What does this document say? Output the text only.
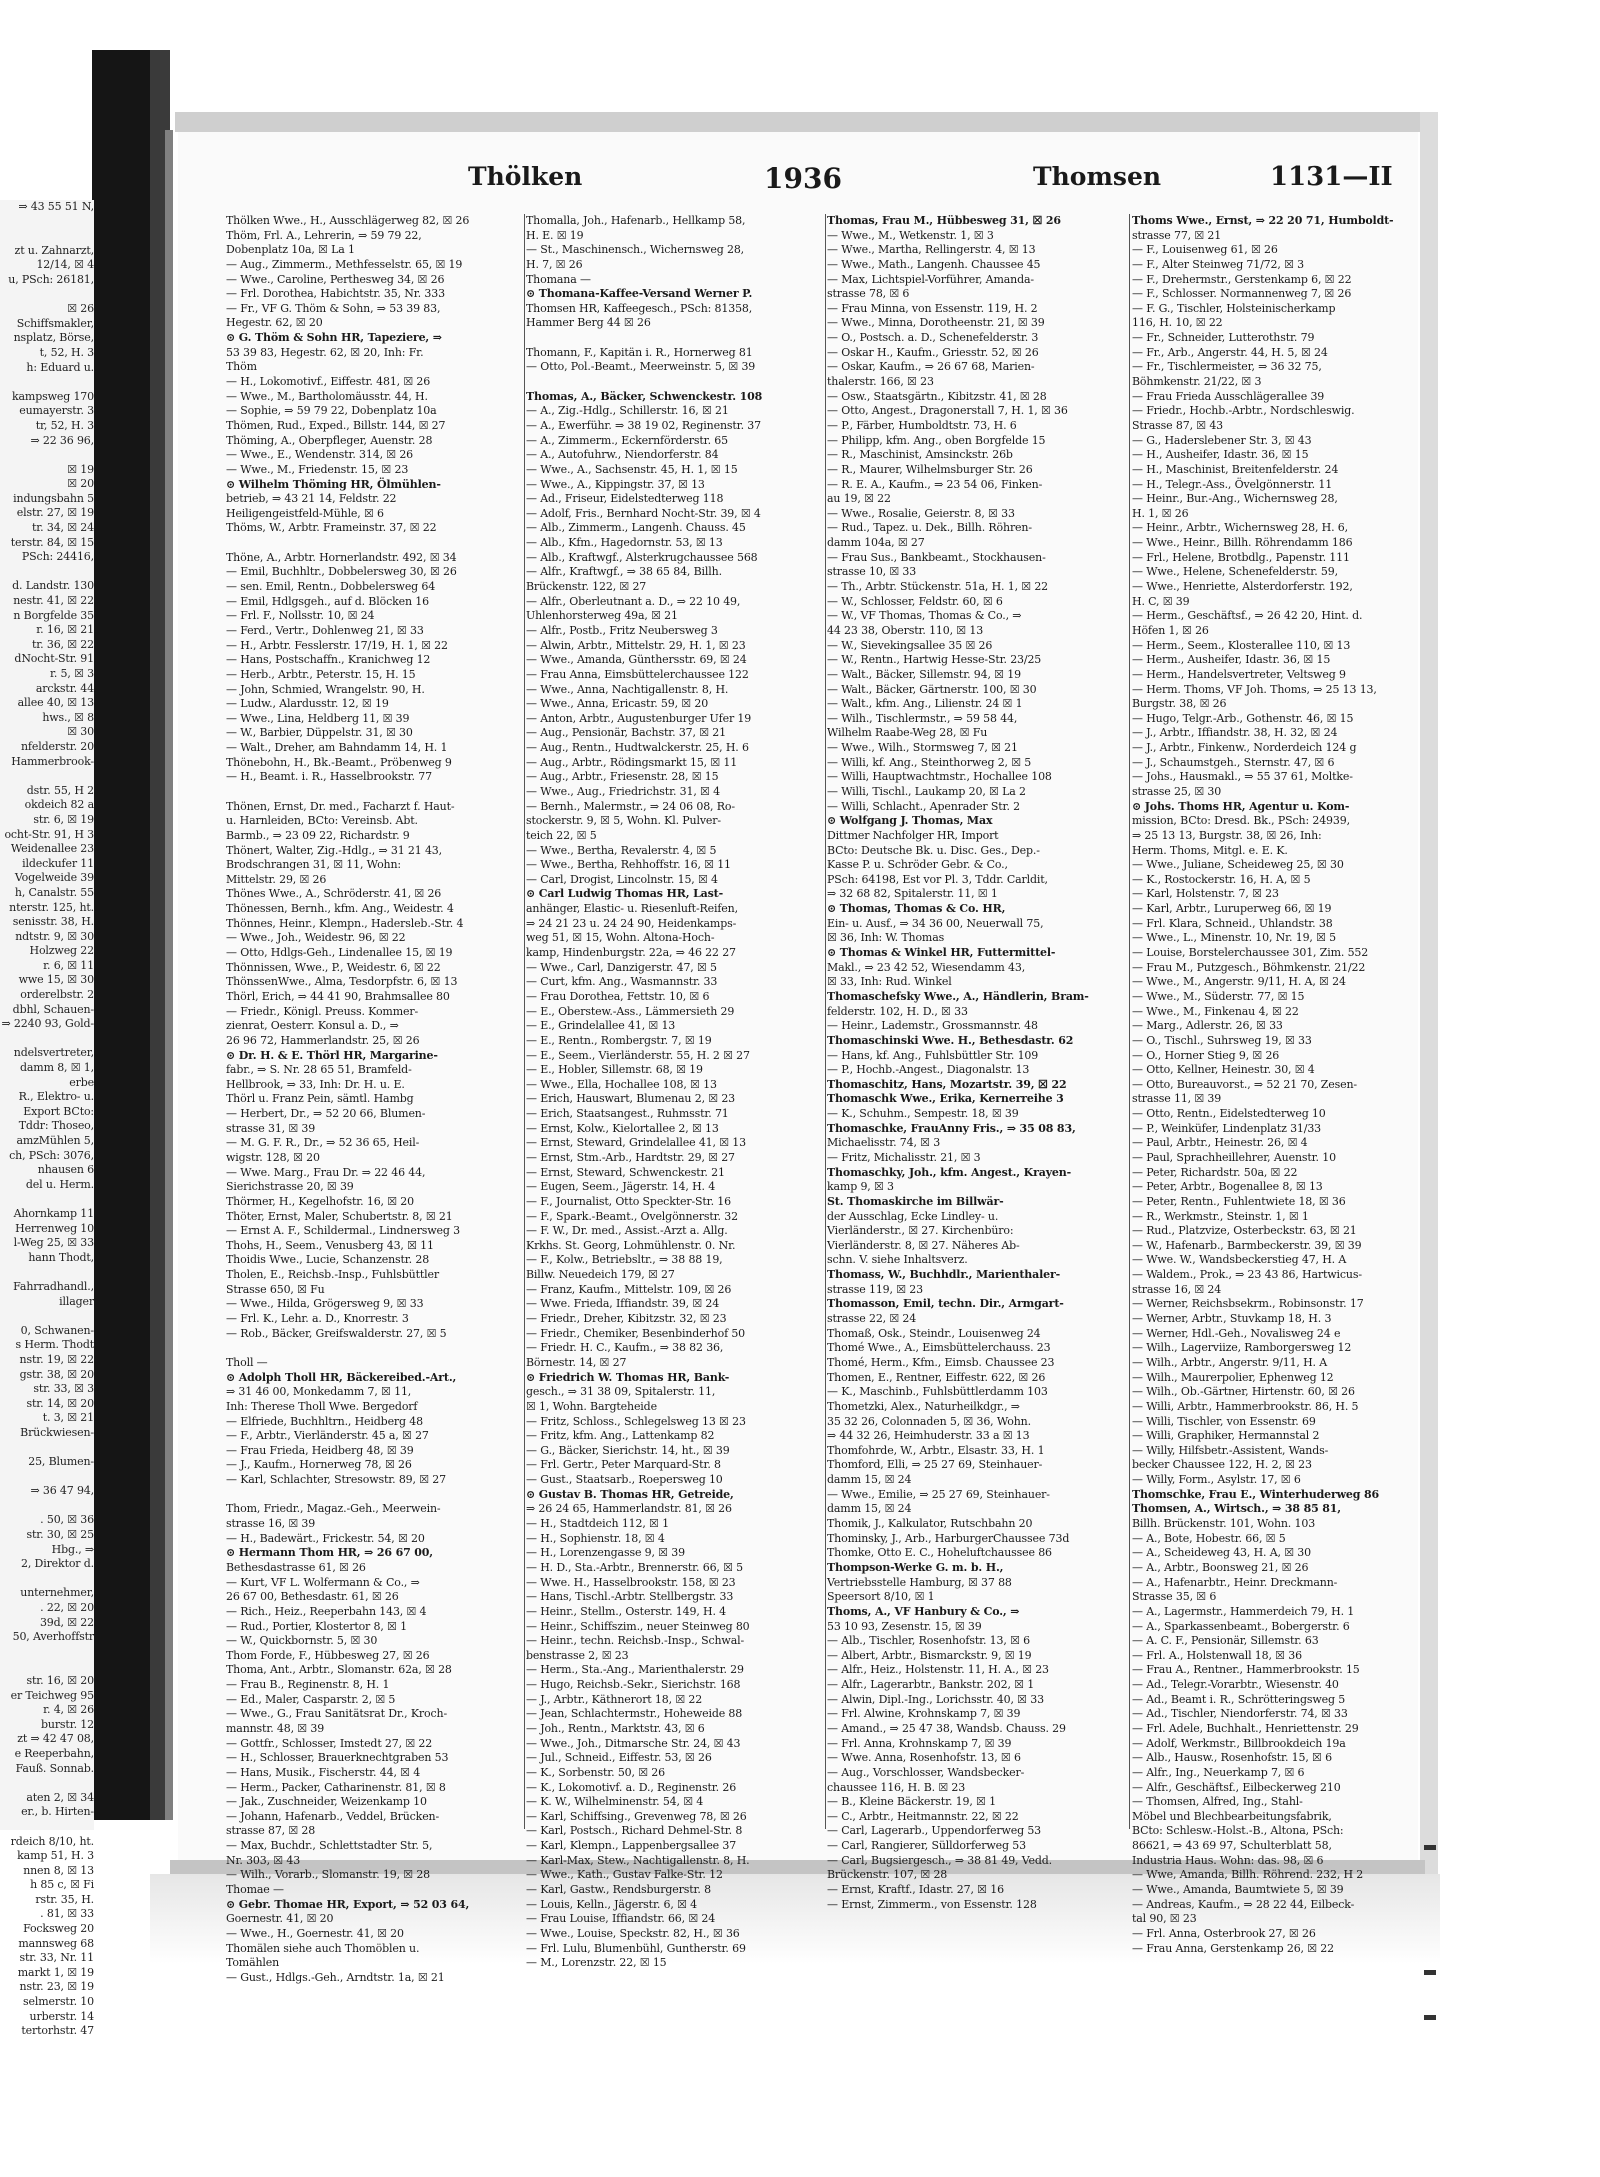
⇒ 43 55 51 N,

zt u. Zahnarzt,
12/14, ☒ 4
u, PSch: 26181,

☒ 26
Schiffsmakler,
nsplatz, Börse,
t, 52, H. 3
h: Eduard u.

kampsweg 170
eumayerstr. 3
tr, 52, H. 3
⇒ 22 36 96,

☒ 19
☒ 20
indungsbahn 5
elstr. 27, ☒ 19
tr. 34, ☒ 24
terstr. 84, ☒ 15
PSch: 24416,

d. Landstr. 130
nestr. 41, ☒ 22
n Borgfelde 35
r. 16, ☒ 21
tr. 36, ☒ 22
dNocht-Str. 91
r. 5, ☒ 3
arckstr. 44
allee 40, ☒ 13
hws., ☒ 8
☒ 30
nfelderstr. 20
Hammerbrook-

dstr. 55, H 2
okdeich 82 a
str. 6, ☒ 19
ocht-Str. 91, H 3
Weidenallee 23
ildeckufer 11
Vogelweide 39
h, Canalstr. 55
nterstr. 125, ht.
senisstr. 38, H.
ndtstr. 9, ☒ 30
Holzweg 22
r. 6, ☒ 11
wwe 15, ☒ 30
orderelbstr. 2
dbhl, Schauen-
⇒ 2240 93, Gold-

ndelsvertreter,
damm 8, ☒ 1,
erbe
R., Elektro- u.
Export BCto:
Tddr: Thoseo,
amzMühlen 5,
ch, PSch: 3076,
nhausen 6
del u. Herm.

Ahornkamp 11
Herrenweg 10
l-Weg 25, ☒ 33
hann Thodt,

Fahrradhandl.,
illager

0, Schwanen-
s Herm. Thodt
nstr. 19, ☒ 22
gstr. 38, ☒ 20
str. 33, ☒ 3
str. 14, ☒ 20
t. 3, ☒ 21
Brückwiesen-

25, Blumen-

⇒ 36 47 94,

. 50, ☒ 36
str. 30, ☒ 25
Hbg., ⇒
2, Direktor d.

unternehmer,
. 22, ☒ 20
39d, ☒ 22
50, Averhoffstr

str. 16, ☒ 20
er Teichweg 95
r. 4, ☒ 26
burstr. 12
zt ⇒ 42 47 08,
e Reeperbahn,
Fauß. Sonnab.

aten 2, ☒ 34
er., b. Hirten-

rdeich 8/10, ht.
kamp 51, H. 3
nnen 8, ☒ 13
h 85 c, ☒ Fi
rstr. 35, H.
. 81, ☒ 33
Focksweg 20
mannsweg 68
str. 33, Nr. 11
markt 1, ☒ 19
nstr. 23, ☒ 19
selmerstr. 10
urberstr. 14
tertorhstr. 47
Thölken	1936	Thomsen	1131—II
Thölken Wwe., H., Ausschlägerweg 82, ☒ 26
Thöm, Frl. A., Lehrerin, ⇒ 59 79 22,
Dobenplatz 10a, ☒ La 1
— Aug., Zimmerm., Methfesselstr. 65, ☒ 19
— Wwe., Caroline, Perthesweg 34, ☒ 26
— Frl. Dorothea, Habichtstr. 35, Nr. 333
— Fr., VF G. Thöm & Sohn, ⇒ 53 39 83,
Hegestr. 62, ☒ 20
⊙ G. Thöm & Sohn HR, Tapeziere, ⇒
53 39 83, Hegestr. 62, ☒ 20, Inh: Fr.
Thöm
— H., Lokomotivf., Eiffestr. 481, ☒ 26
— Wwe., M., Bartholomäusstr. 44, H.
— Sophie, ⇒ 59 79 22, Dobenplatz 10a
Thömen, Rud., Exped., Billstr. 144, ☒ 27
Thöming, A., Oberpfleger, Auenstr. 28
— Wwe., E., Wendenstr. 314, ☒ 26
— Wwe., M., Friedenstr. 15, ☒ 23
⊙ Wilhelm Thöming HR, Ölmühlen-
betrieb, ⇒ 43 21 14, Feldstr. 22
Heiligengeistfeld-Mühle, ☒ 6
Thöms, W., Arbtr. Frameinstr. 37, ☒ 22

Thöne, A., Arbtr. Hornerlandstr. 492, ☒ 34
— Emil, Buchhltr., Dobbelersweg 30, ☒ 26
— sen. Emil, Rentn., Dobbelersweg 64
— Emil, Hdlgsgeh., auf d. Blöcken 16
— Frl. F., Nollsstr. 10, ☒ 24
— Ferd., Vertr., Dohlenweg 21, ☒ 33
— H., Arbtr. Fesslerstr. 17/19, H. 1, ☒ 22
— Hans, Postschaffn., Kranichweg 12
— Herb., Arbtr., Peterstr. 15, H. 15
— John, Schmied, Wrangelstr. 90, H.
— Ludw., Alardusstr. 12, ☒ 19
— Wwe., Lina, Heldberg 11, ☒ 39
— W., Barbier, Düppelstr. 31, ☒ 30
— Walt., Dreher, am Bahndamm 14, H. 1
Thönebohn, H., Bk.-Beamt., Pröbenweg 9
— H., Beamt. i. R., Hasselbrookstr. 77

Thönen, Ernst, Dr. med., Facharzt f. Haut-
u. Harnleiden, BCto: Vereinsb. Abt.
Barmb., ⇒ 23 09 22, Richardstr. 9
Thönert, Walter, Zig.-Hdlg., ⇒ 31 21 43,
Brodschrangen 31, ☒ 11, Wohn:
Mittelstr. 29, ☒ 26
Thönes Wwe., A., Schröderstr. 41, ☒ 26
Thönessen, Bernh., kfm. Ang., Weidestr. 4
Thönnes, Heinr., Klempn., Hadersleb.-Str. 4
— Wwe., Joh., Weidestr. 96, ☒ 22
— Otto, Hdlgs-Geh., Lindenallee 15, ☒ 19
Thönnissen, Wwe., P., Weidestr. 6, ☒ 22
ThönssenWwe., Alma, Tesdorpfstr. 6, ☒ 13
Thörl, Erich, ⇒ 44 41 90, Brahmsallee 80
— Friedr., Königl. Preuss. Kommer-
zienrat, Oesterr. Konsul a. D., ⇒
26 96 72, Hammerlandstr. 25, ☒ 26
⊙ Dr. H. & E. Thörl HR, Margarine-
fabr., ⇒ S. Nr. 28 65 51, Bramfeld-
Hellbrook, ⇒ 33, Inh: Dr. H. u. E.
Thörl u. Franz Pein, sämtl. Hambg
— Herbert, Dr., ⇒ 52 20 66, Blumen-
strasse 31, ☒ 39
— M. G. F. R., Dr., ⇒ 52 36 65, Heil-
wigstr. 128, ☒ 20
— Wwe. Marg., Frau Dr. ⇒ 22 46 44,
Sierichstrasse 20, ☒ 39
Thörmer, H., Kegelhofstr. 16, ☒ 20
Thöter, Ernst, Maler, Schubertstr. 8, ☒ 21
— Ernst A. F., Schildermal., Lindnersweg 3
Thohs, H., Seem., Venusberg 43, ☒ 11
Thoidis Wwe., Lucie, Schanzenstr. 28
Tholen, E., Reichsb.-Insp., Fuhlsbüttler
Strasse 650, ☒ Fu
— Wwe., Hilda, Grögersweg 9, ☒ 33
— Frl. K., Lehr. a. D., Knorrestr. 3
— Rob., Bäcker, Greifswalderstr. 27, ☒ 5

Tholl —
⊙ Adolph Tholl HR, Bäckereibed.-Art.,
⇒ 31 46 00, Monkedamm 7, ☒ 11,
Inh: Therese Tholl Wwe. Bergedorf
— Elfriede, Buchhltrn., Heidberg 48
— F., Arbtr., Vierländerstr. 45 a, ☒ 27
— Frau Frieda, Heidberg 48, ☒ 39
— J., Kaufm., Hornerweg 78, ☒ 26
— Karl, Schlachter, Stresowstr. 89, ☒ 27

Thom, Friedr., Magaz.-Geh., Meerwein-
strasse 16, ☒ 39
— H., Badewärt., Frickestr. 54, ☒ 20
⊙ Hermann Thom HR, ⇒ 26 67 00,
Bethesdastrasse 61, ☒ 26
— Kurt, VF L. Wolfermann & Co., ⇒
26 67 00, Bethesdastr. 61, ☒ 26
— Rich., Heiz., Reeperbahn 143, ☒ 4
— Rud., Portier, Klostertor 8, ☒ 1
— W., Quickbornstr. 5, ☒ 30
Thom Forde, F., Hübbesweg 27, ☒ 26
Thoma, Ant., Arbtr., Slomanstr. 62a, ☒ 28
— Frau B., Reginenstr. 8, H. 1
— Ed., Maler, Casparstr. 2, ☒ 5
— Wwe., G., Frau Sanitätsrat Dr., Kroch-
mannstr. 48, ☒ 39
— Gottfr., Schlosser, Imstedt 27, ☒ 22
— H., Schlosser, Brauerknechtgraben 53
— Hans, Musik., Fischerstr. 44, ☒ 4
— Herm., Packer, Catharinenstr. 81, ☒ 8
— Jak., Zuschneider, Weizenkamp 10
— Johann, Hafenarb., Veddel, Brücken-
strasse 87, ☒ 28
— Max, Buchdr., Schlettstadter Str. 5,
Nr. 303, ☒ 43
— Wilh., Vorarb., Slomanstr. 19, ☒ 28
Thomae —
⊙ Gebr. Thomae HR, Export, ⇒ 52 03 64,
Goernestr. 41, ☒ 20
— Wwe., H., Goernestr. 41, ☒ 20
Thomälen siehe auch Thomöblen u.
Tomählen
— Gust., Hdlgs.-Geh., Arndtstr. 1a, ☒ 21
Thomalla, Joh., Hafenarb., Hellkamp 58,
H. E. ☒ 19
— St., Maschinensch., Wichernsweg 28,
H. 7, ☒ 26
Thomana —
⊙ Thomana-Kaffee-Versand Werner P.
Thomsen HR, Kaffeegesch., PSch: 81358,
Hammer Berg 44 ☒ 26

Thomann, F., Kapitän i. R., Hornerweg 81
— Otto, Pol.-Beamt., Meerweinstr. 5, ☒ 39

Thomas, A., Bäcker, Schwenckestr. 108
— A., Zig.-Hdlg., Schillerstr. 16, ☒ 21
— A., Ewerführ. ⇒ 38 19 02, Reginenstr. 37
— A., Zimmerm., Eckernförderstr. 65
— A., Autofuhrw., Niendorferstr. 84
— Wwe., A., Sachsenstr. 45, H. 1, ☒ 15
— Wwe., A., Kippingstr. 37, ☒ 13
— Ad., Friseur, Eidelstedterweg 118
— Adolf, Fris., Bernhard Nocht-Str. 39, ☒ 4
— Alb., Zimmerm., Langenh. Chauss. 45
— Alb., Kfm., Hagedornstr. 53, ☒ 13
— Alb., Kraftwgf., Alsterkrugchaussee 568
— Alfr., Kraftwgf., ⇒ 38 65 84, Billh.
Brückenstr. 122, ☒ 27
— Alfr., Oberleutnant a. D., ⇒ 22 10 49,
Uhlenhorsterweg 49a, ☒ 21
— Alfr., Postb., Fritz Neubersweg 3
— Alwin, Arbtr., Mittelstr. 29, H. 1, ☒ 23
— Wwe., Amanda, Günthersstr. 69, ☒ 24
— Frau Anna, Eimsbüttelerchaussee 122
— Wwe., Anna, Nachtigallenstr. 8, H.
— Wwe., Anna, Ericastr. 59, ☒ 20
— Anton, Arbtr., Augustenburger Ufer 19
— Aug., Pensionär, Bachstr. 37, ☒ 21
— Aug., Rentn., Hudtwalckerstr. 25, H. 6
— Aug., Arbtr., Rödingsmarkt 15, ☒ 11
— Aug., Arbtr., Friesenstr. 28, ☒ 15
— Wwe., Aug., Friedrichstr. 31, ☒ 4
— Bernh., Malermstr., ⇒ 24 06 08, Ro-
stockerstr. 9, ☒ 5, Wohn. Kl. Pulver-
teich 22, ☒ 5
— Wwe., Bertha, Revalerstr. 4, ☒ 5
— Wwe., Bertha, Rehhoffstr. 16, ☒ 11
— Carl, Drogist, Lincolnstr. 15, ☒ 4
⊙ Carl Ludwig Thomas HR, Last-
anhänger, Elastic- u. Riesenluft-Reifen,
⇒ 24 21 23 u. 24 24 90, Heidenkamps-
weg 51, ☒ 15, Wohn. Altona-Hoch-
kamp, Hindenburgstr. 22a, ⇒ 46 22 27
— Wwe., Carl, Danzigerstr. 47, ☒ 5
— Curt, kfm. Ang., Wasmannstr. 33
— Frau Dorothea, Fettstr. 10, ☒ 6
— E., Oberstew.-Ass., Lämmersieth 29
— E., Grindelallee 41, ☒ 13
— E., Rentn., Rombergstr. 7, ☒ 19
— E., Seem., Vierländerstr. 55, H. 2 ☒ 27
— E., Hobler, Sillemstr. 68, ☒ 19
— Wwe., Ella, Hochallee 108, ☒ 13
— Erich, Hauswart, Blumenau 2, ☒ 23
— Erich, Staatsangest., Ruhmsstr. 71
— Ernst, Kolw., Kielortallee 2, ☒ 13
— Ernst, Steward, Grindelallee 41, ☒ 13
— Ernst, Stm.-Arb., Hardtstr. 29, ☒ 27
— Ernst, Steward, Schwenckestr. 21
— Eugen, Seem., Jägerstr. 14, H. 4
— F., Journalist, Otto Speckter-Str. 16
— F., Spark.-Beamt., Ovelgönnerstr. 32
— F. W., Dr. med., Assist.-Arzt a. Allg.
Krkhs. St. Georg, Lohmühlenstr. 0. Nr.
— F., Kolw., Betriebsltr., ⇒ 38 88 19,
Billw. Neuedeich 179, ☒ 27
— Franz, Kaufm., Mittelstr. 109, ☒ 26
— Wwe. Frieda, Iffiandstr. 39, ☒ 24
— Friedr., Dreher, Kibitzstr. 32, ☒ 23
— Friedr., Chemiker, Besenbinderhof 50
— Friedr. H. C., Kaufm., ⇒ 38 82 36,
Börnestr. 14, ☒ 27
⊙ Friedrich W. Thomas HR, Bank-
gesch., ⇒ 31 38 09, Spitalerstr. 11,
☒ 1, Wohn. Bargteheide
— Fritz, Schloss., Schlegelsweg 13 ☒ 23
— Fritz, kfm. Ang., Lattenkamp 82
— G., Bäcker, Sierichstr. 14, ht., ☒ 39
— Frl. Gertr., Peter Marquard-Str. 8
— Gust., Staatsarb., Roepersweg 10
⊙ Gustav B. Thomas HR, Getreide,
⇒ 26 24 65, Hammerlandstr. 81, ☒ 26
— H., Stadtdeich 112, ☒ 1
— H., Sophienstr. 18, ☒ 4
— H., Lorenzengasse 9, ☒ 39
— H. D., Sta.-Arbtr., Brennerstr. 66, ☒ 5
— Wwe. H., Hasselbrookstr. 158, ☒ 23
— Hans, Tischl.-Arbtr. Stellbergstr. 33
— Heinr., Stellm., Osterstr. 149, H. 4
— Heinr., Schiffszim., neuer Steinweg 80
— Heinr., techn. Reichsb.-Insp., Schwal-
benstrasse 2, ☒ 23
— Herm., Sta.-Ang., Marienthalerstr. 29
— Hugo, Reichsb.-Sekr., Sierichstr. 168
— J., Arbtr., Käthnerort 18, ☒ 22
— Jean, Schlachtermstr., Hoheweide 88
— Joh., Rentn., Marktstr. 43, ☒ 6
— Wwe., Joh., Ditmarsche Str. 24, ☒ 43
— Jul., Schneid., Eiffestr. 53, ☒ 26
— K., Sorbenstr. 50, ☒ 26
— K., Lokomotivf. a. D., Reginenstr. 26
— K. W., Wilhelminenstr. 54, ☒ 4
— Karl, Schiffsing., Grevenweg 78, ☒ 26
— Karl, Postsch., Richard Dehmel-Str. 8
— Karl, Klempn., Lappenbergsallee 37
— Karl-Max, Stew., Nachtigallenstr. 8, H.
— Wwe., Kath., Gustav Falke-Str. 12
— Karl, Gastw., Rendsburgerstr. 8
— Louis, Kelln., Jägerstr. 6, ☒ 4
— Frau Louise, Iffiandstr. 66, ☒ 24
— Wwe., Louise, Speckstr. 82, H., ☒ 36
— Frl. Lulu, Blumenbühl, Guntherstr. 69
— M., Lorenzstr. 22, ☒ 15
Thomas, Frau M., Hübbesweg 31, ☒ 26
— Wwe., M., Wetkenstr. 1, ☒ 3
— Wwe., Martha, Rellingerstr. 4, ☒ 13
— Wwe., Math., Langenh. Chaussee 45
— Max, Lichtspiel-Vorführer, Amanda-
strasse 78, ☒ 6
— Frau Minna, von Essenstr. 119, H. 2
— Wwe., Minna, Dorotheenstr. 21, ☒ 39
— O., Postsch. a. D., Schenefelderstr. 3
— Oskar H., Kaufm., Griesstr. 52, ☒ 26
— Oskar, Kaufm., ⇒ 26 67 68, Marien-
thalerstr. 166, ☒ 23
— Osw., Staatsgärtn., Kibitzstr. 41, ☒ 28
— Otto, Angest., Dragonerstall 7, H. 1, ☒ 36
— P., Färber, Humboldtstr. 73, H. 6
— Philipp, kfm. Ang., oben Borgfelde 15
— R., Maschinist, Amsinckstr. 26b
— R., Maurer, Wilhelmsburger Str. 26
— R. E. A., Kaufm., ⇒ 23 54 06, Finken-
au 19, ☒ 22
— Wwe., Rosalie, Geierstr. 8, ☒ 33
— Rud., Tapez. u. Dek., Billh. Röhren-
damm 104a, ☒ 27
— Frau Sus., Bankbeamt., Stockhausen-
strasse 10, ☒ 33
— Th., Arbtr. Stückenstr. 51a, H. 1, ☒ 22
— W., Schlosser, Feldstr. 60, ☒ 6
— W., VF Thomas, Thomas & Co., ⇒
44 23 38, Oberstr. 110, ☒ 13
— W., Sievekingsallee 35 ☒ 26
— W., Rentn., Hartwig Hesse-Str. 23/25
— Walt., Bäcker, Sillemstr. 94, ☒ 19
— Walt., Bäcker, Gärtnerstr. 100, ☒ 30
— Walt., kfm. Ang., Lilienstr. 24 ☒ 1
— Wilh., Tischlermstr., ⇒ 59 58 44,
Wilhelm Raabe-Weg 28, ☒ Fu
— Wwe., Wilh., Stormsweg 7, ☒ 21
— Willi, kf. Ang., Steinthorweg 2, ☒ 5
— Willi, Hauptwachtmstr., Hochallee 108
— Willi, Tischl., Laukamp 20, ☒ La 2
— Willi, Schlacht., Apenrader Str. 2
⊙ Wolfgang J. Thomas, Max
Dittmer Nachfolger HR, Import
BCto: Deutsche Bk. u. Disc. Ges., Dep.-
Kasse P. u. Schröder Gebr. & Co.,
PSch: 64198, Est vor Pl. 3, Tddr. Carldit,
⇒ 32 68 82, Spitalerstr. 11, ☒ 1
⊙ Thomas, Thomas & Co. HR,
Ein- u. Ausf., ⇒ 34 36 00, Neuerwall 75,
☒ 36, Inh: W. Thomas
⊙ Thomas & Winkel HR, Futtermittel-
Makl., ⇒ 23 42 52, Wiesendamm 43,
☒ 33, Inh: Rud. Winkel
Thomaschefsky Wwe., A., Händlerin, Bram-
felderstr. 102, H. D., ☒ 33
— Heinr., Lademstr., Grossmannstr. 48
Thomaschinski Wwe. H., Bethesdastr. 62
— Hans, kf. Ang., Fuhlsbüttler Str. 109
— P., Hochb.-Angest., Diagonalstr. 13
Thomaschitz, Hans, Mozartstr. 39, ☒ 22
Thomaschk Wwe., Erika, Kernerreihe 3
— K., Schuhm., Sempestr. 18, ☒ 39
Thomaschke, FrauAnny Fris., ⇒ 35 08 83,
Michaelisstr. 74, ☒ 3
— Fritz, Michalisstr. 21, ☒ 3
Thomaschky, Joh., kfm. Angest., Krayen-
kamp 9, ☒ 3
St. Thomaskirche im Billwär-
der Ausschlag, Ecke Lindley- u.
Vierländerstr., ☒ 27. Kirchenbüro:
Vierländerstr. 8, ☒ 27. Näheres Ab-
schn. V. siehe Inhaltsverz.
Thomass, W., Buchhdlr., Marienthaler-
strasse 119, ☒ 23
Thomasson, Emil, techn. Dir., Armgart-
strasse 22, ☒ 24
Thomaß, Osk., Steindr., Louisenweg 24
Thomé Wwe., A., Eimsbüttelerchauss. 23
Thomé, Herm., Kfm., Eimsb. Chaussee 23
Thomen, E., Rentner, Eiffestr. 622, ☒ 26
— K., Maschinb., Fuhlsbüttlerdamm 103
Thometzki, Alex., Naturheilkdgr., ⇒
35 32 26, Colonnaden 5, ☒ 36, Wohn.
⇒ 44 32 26, Heimhuderstr. 33 a ☒ 13
Thomfohrde, W., Arbtr., Elsastr. 33, H. 1
Thomford, Elli, ⇒ 25 27 69, Steinhauer-
damm 15, ☒ 24
— Wwe., Emilie, ⇒ 25 27 69, Steinhauer-
damm 15, ☒ 24
Thomik, J., Kalkulator, Rutschbahn 20
Thominsky, J., Arb., HarburgerChaussee 73d
Thomke, Otto E. C., Hoheluftchaussee 86
Thompson-Werke G. m. b. H.,
Vertriebsstelle Hamburg, ☒ 37 88
Speersort 8/10, ☒ 1
Thoms, A., VF Hanbury & Co., ⇒
53 10 93, Zesenstr. 15, ☒ 39
— Alb., Tischler, Rosenhofstr. 13, ☒ 6
— Albert, Arbtr., Bismarckstr. 9, ☒ 19
— Alfr., Heiz., Holstenstr. 11, H. A., ☒ 23
— Alfr., Lagerarbtr., Bankstr. 202, ☒ 1
— Alwin, Dipl.-Ing., Lorichsstr. 40, ☒ 33
— Frl. Alwine, Krohnskamp 7, ☒ 39
— Amand., ⇒ 25 47 38, Wandsb. Chauss. 29
— Frl. Anna, Krohnskamp 7, ☒ 39
— Wwe. Anna, Rosenhofstr. 13, ☒ 6
— Aug., Vorschlosser, Wandsbecker-
chaussee 116, H. B. ☒ 23
— B., Kleine Bäckerstr. 19, ☒ 1
— C., Arbtr., Heitmannstr. 22, ☒ 22
— Carl, Lagerarb., Uppendorferweg 53
— Carl, Rangierer, Sülldorferweg 53
— Carl, Bugsiergesch., ⇒ 38 81 49, Vedd.
Brückenstr. 107, ☒ 28
— Ernst, Kraftf., Idastr. 27, ☒ 16
— Ernst, Zimmerm., von Essenstr. 128
Thoms Wwe., Ernst, ⇒ 22 20 71, Humboldt-
strasse 77, ☒ 21
— F., Louisenweg 61, ☒ 26
— F., Alter Steinweg 71/72, ☒ 3
— F., Drehermstr., Gerstenkamp 6, ☒ 22
— F., Schlosser. Normannenweg 7, ☒ 26
— F. G., Tischler, Holsteinischerkamp
116, H. 10, ☒ 22
— Fr., Schneider, Lutterothstr. 79
— Fr., Arb., Angerstr. 44, H. 5, ☒ 24
— Fr., Tischlermeister, ⇒ 36 32 75,
Böhmkenstr. 21/22, ☒ 3
— Frau Frieda Ausschlägerallee 39
— Friedr., Hochb.-Arbtr., Nordschleswig.
Strasse 87, ☒ 43
— G., Haderslebener Str. 3, ☒ 43
— H., Ausheifer, Idastr. 36, ☒ 15
— H., Maschinist, Breitenfelderstr. 24
— H., Telegr.-Ass., Övelgönnerstr. 11
— Heinr., Bur.-Ang., Wichernsweg 28,
H. 1, ☒ 26
— Heinr., Arbtr., Wichernsweg 28, H. 6,
— Wwe., Heinr., Billh. Röhrendamm 186
— Frl., Helene, Brotbdlg., Papenstr. 111
— Wwe., Helene, Schenefelderstr. 59,
— Wwe., Henriette, Alsterdorferstr. 192,
H. C, ☒ 39
— Herm., Geschäftsf., ⇒ 26 42 20, Hint. d.
Höfen 1, ☒ 26
— Herm., Seem., Klosterallee 110, ☒ 13
— Herm., Ausheifer, Idastr. 36, ☒ 15
— Herm., Handelsvertreter, Veltsweg 9
— Herm. Thoms, VF Joh. Thoms, ⇒ 25 13 13,
Burgstr. 38, ☒ 26
— Hugo, Telgr.-Arb., Gothenstr. 46, ☒ 15
— J., Arbtr., Iffiandstr. 38, H. 32, ☒ 24
— J., Arbtr., Finkenw., Norderdeich 124 g
— J., Schaumstgeh., Sternstr. 47, ☒ 6
— Johs., Hausmakl., ⇒ 55 37 61, Moltke-
strasse 25, ☒ 30
⊙ Johs. Thoms HR, Agentur u. Kom-
mission, BCto: Dresd. Bk., PSch: 24939,
⇒ 25 13 13, Burgstr. 38, ☒ 26, Inh:
Herm. Thoms, Mitgl. e. E. K.
— Wwe., Juliane, Scheideweg 25, ☒ 30
— K., Rostockerstr. 16, H. A, ☒ 5
— Karl, Holstenstr. 7, ☒ 23
— Karl, Arbtr., Luruperweg 66, ☒ 19
— Frl. Klara, Schneid., Uhlandstr. 38
— Wwe., L., Minenstr. 10, Nr. 19, ☒ 5
— Louise, Borstelerchaussee 301, Zim. 552
— Frau M., Putzgesch., Böhmkenstr. 21/22
— Wwe., M., Angerstr. 9/11, H. A, ☒ 24
— Wwe., M., Süderstr. 77, ☒ 15
— Wwe., M., Finkenau 4, ☒ 22
— Marg., Adlerstr. 26, ☒ 33
— O., Tischl., Suhrsweg 19, ☒ 33
— O., Horner Stieg 9, ☒ 26
— Otto, Kellner, Heinestr. 30, ☒ 4
— Otto, Bureauvorst., ⇒ 52 21 70, Zesen-
strasse 11, ☒ 39
— Otto, Rentn., Eidelstedterweg 10
— P., Weinküfer, Lindenplatz 31/33
— Paul, Arbtr., Heinestr. 26, ☒ 4
— Paul, Sprachheillehrer, Auenstr. 10
— Peter, Richardstr. 50a, ☒ 22
— Peter, Arbtr., Bogenallee 8, ☒ 13
— Peter, Rentn., Fuhlentwiete 18, ☒ 36
— R., Werkmstr., Steinstr. 1, ☒ 1
— Rud., Platzvize, Osterbeckstr. 63, ☒ 21
— W., Hafenarb., Barmbeckerstr. 39, ☒ 39
— Wwe. W., Wandsbeckerstieg 47, H. A
— Waldem., Prok., ⇒ 23 43 86, Hartwicus-
strasse 16, ☒ 24
— Werner, Reichsbsekrm., Robinsonstr. 17
— Werner, Arbtr., Stuvkamp 18, H. 3
— Werner, Hdl.-Geh., Novalisweg 24 e
— Wilh., Lagerviize, Ramborgersweg 12
— Wilh., Arbtr., Angerstr. 9/11, H. A
— Wilh., Maurerpolier, Ephenweg 12
— Wilh., Ob.-Gärtner, Hirtenstr. 60, ☒ 26
— Willi, Arbtr., Hammerbrookstr. 86, H. 5
— Willi, Tischler, von Essenstr. 69
— Willi, Graphiker, Hermannstal 2
— Willy, Hilfsbetr.-Assistent, Wands-
becker Chaussee 122, H. 2, ☒ 23
— Willy, Form., Asylstr. 17, ☒ 6
Thomschke, Frau E., Winterhuderweg 86
Thomsen, A., Wirtsch., ⇒ 38 85 81,
Billh. Brückenstr. 101, Wohn. 103
— A., Bote, Hobestr. 66, ☒ 5
— A., Scheideweg 43, H. A, ☒ 30
— A., Arbtr., Boonsweg 21, ☒ 26
— A., Hafenarbtr., Heinr. Dreckmann-
Strasse 35, ☒ 6
— A., Lagermstr., Hammerdeich 79, H. 1
— A., Sparkassenbeamt., Bobergerstr. 6
— A. C. F., Pensionär, Sillemstr. 63
— Frl. A., Holstenwall 18, ☒ 36
— Frau A., Rentner., Hammerbrookstr. 15
— Ad., Telegr.-Vorarbtr., Wiesenstr. 40
— Ad., Beamt i. R., Schrötteringsweg 5
— Ad., Tischler, Niendorferstr. 74, ☒ 33
— Frl. Adele, Buchhalt., Henriettenstr. 29
— Adolf, Werkmstr., Billbrookdeich 19a
— Alb., Hausw., Rosenhofstr. 15, ☒ 6
— Alfr., Ing., Neuerkamp 7, ☒ 6
— Alfr., Geschäftsf., Eilbeckerweg 210
— Thomsen, Alfred, Ing., Stahl-
Möbel und Blechbearbeitungsfabrik,
BCto: Schlesw.-Holst.-B., Altona, PSch:
86621, ⇒ 43 69 97, Schulterblatt 58,
Industria Haus. Wohn: das. 98, ☒ 6
— Wwe, Amanda, Billh. Röhrend. 232, H 2
— Wwe., Amanda, Baumtwiete 5, ☒ 39
— Andreas, Kaufm., ⇒ 28 22 44, Eilbeck-
tal 90, ☒ 23
— Frl. Anna, Osterbrook 27, ☒ 26
— Frau Anna, Gerstenkamp 26, ☒ 22
